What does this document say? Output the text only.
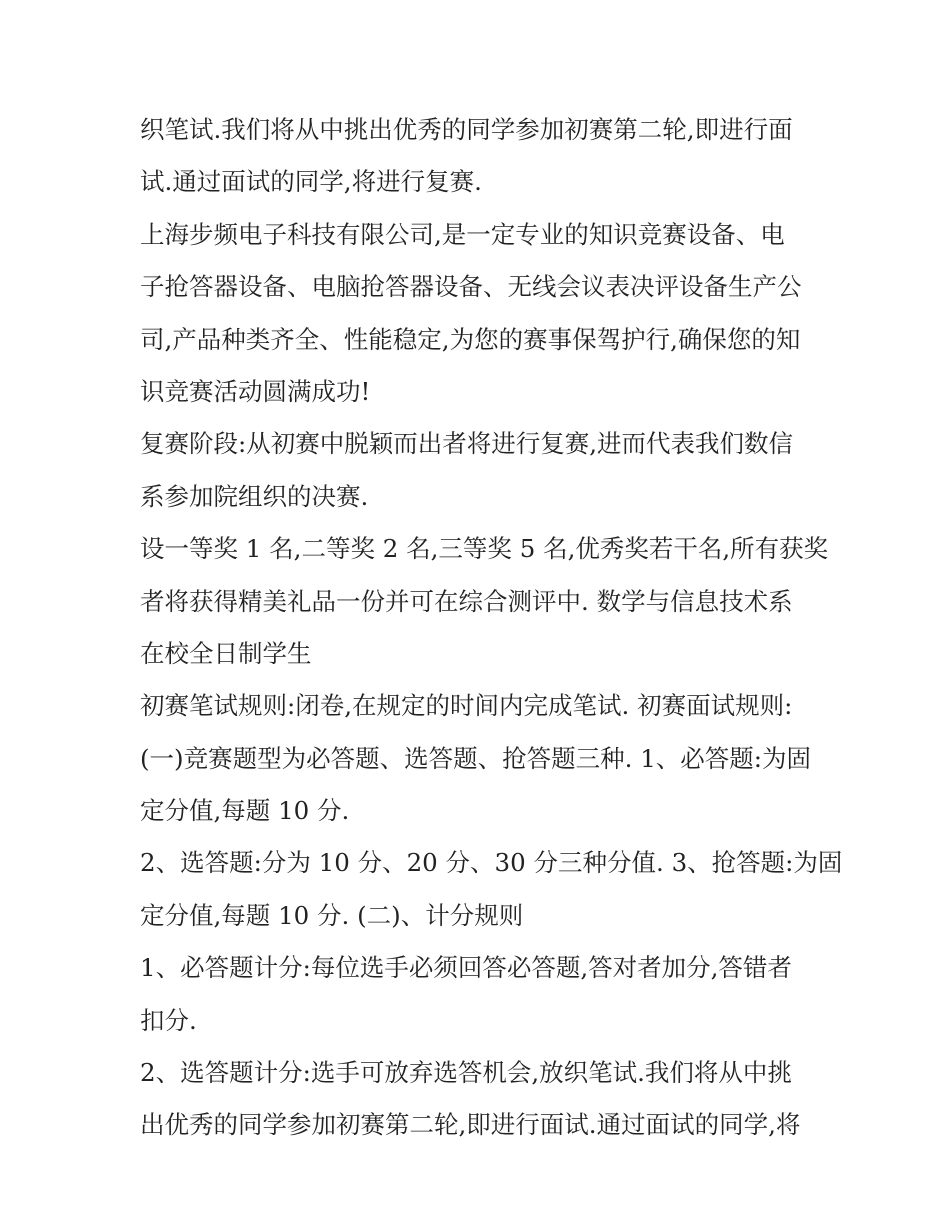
织笔试.我们将从中挑出优秀的同学参加初赛第二轮,即进行面
试.通过面试的同学,将进行复赛.
上海步频电子科技有限公司,是一定专业的知识竞赛设备、电
子抢答器设备、电脑抢答器设备、无线会议表决评设备生产公
司,产品种类齐全、性能稳定,为您的赛事保驾护行,确保您的知
识竞赛活动圆满成功!
复赛阶段:从初赛中脱颖而出者将进行复赛,进而代表我们数信
系参加院组织的决赛.
设一等奖 1 名,二等奖 2 名,三等奖 5 名,优秀奖若干名,所有获奖
者将获得精美礼品一份并可在综合测评中. 数学与信息技术系
在校全日制学生
初赛笔试规则:闭卷,在规定的时间内完成笔试. 初赛面试规则:
(一)竞赛题型为必答题、选答题、抢答题三种. 1、必答题:为固
定分值,每题 10 分.
2、选答题:分为 10 分、20 分、30 分三种分值. 3、抢答题:为固
定分值,每题 10 分. (二)、计分规则
1、必答题计分:每位选手必须回答必答题,答对者加分,答错者
扣分.
2、选答题计分:选手可放弃选答机会,放织笔试.我们将从中挑
出优秀的同学参加初赛第二轮,即进行面试.通过面试的同学,将
